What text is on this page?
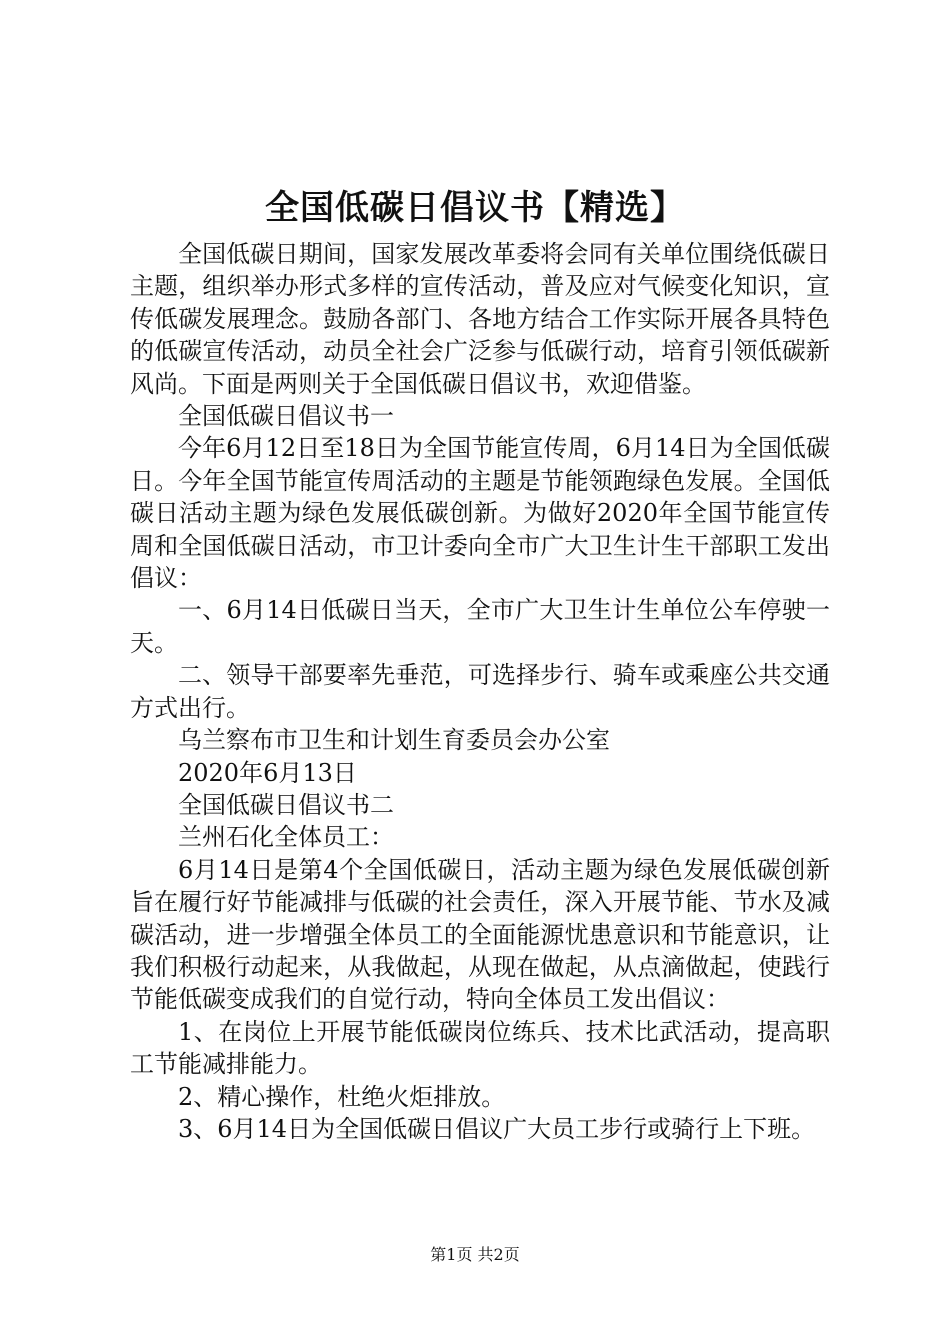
全国低碳日倡议书【精选】

全国低碳日期间，国家发展改革委将会同有关单位围绕低碳日主题，组织举办形式多样的宣传活动，普及应对气候变化知识，宣传低碳发展理念。鼓励各部门、各地方结合工作实际开展各具特色的低碳宣传活动，动员全社会广泛参与低碳行动，培育引领低碳新风尚。下面是两则关于全国低碳日倡议书，欢迎借鉴。

全国低碳日倡议书一

今年6月12日至18日为全国节能宣传周，6月14日为全国低碳日。今年全国节能宣传周活动的主题是节能领跑绿色发展。全国低碳日活动主题为绿色发展低碳创新。为做好2020年全国节能宣传周和全国低碳日活动，市卫计委向全市广大卫生计生干部职工发出倡议：

一、6月14日低碳日当天，全市广大卫生计生单位公车停驶一天。

二、领导干部要率先垂范，可选择步行、骑车或乘座公共交通方式出行。

乌兰察布市卫生和计划生育委员会办公室

2020年6月13日

全国低碳日倡议书二

兰州石化全体员工：

6月14日是第4个全国低碳日，活动主题为绿色发展低碳创新旨在履行好节能减排与低碳的社会责任，深入开展节能、节水及减碳活动，进一步增强全体员工的全面能源忧患意识和节能意识，让我们积极行动起来，从我做起，从现在做起，从点滴做起，使践行节能低碳变成我们的自觉行动，特向全体员工发出倡议：

1、在岗位上开展节能低碳岗位练兵、技术比武活动，提高职工节能减排能力。

2、精心操作，杜绝火炬排放。

3、6月14日为全国低碳日倡议广大员工步行或骑行上下班。

第1页 共2页
